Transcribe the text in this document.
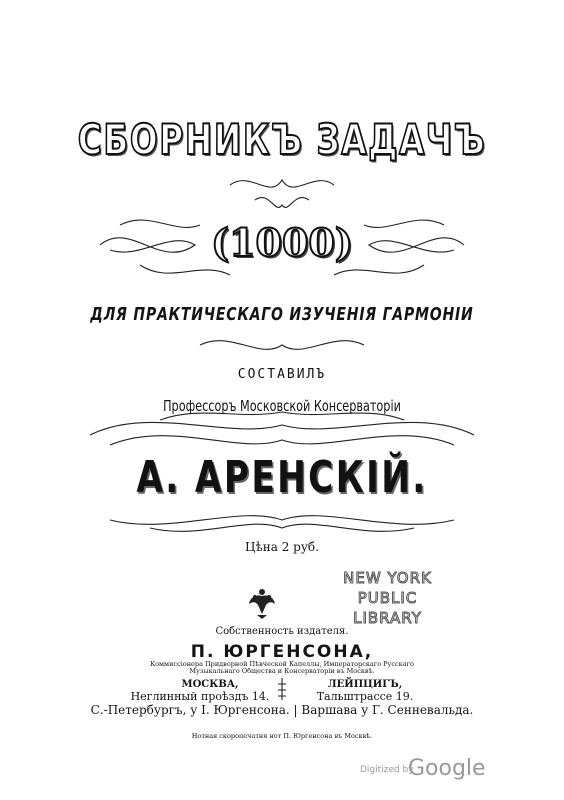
СБОРНИКЪ ЗАДАЧЪ
(1000)
ДЛЯ ПРАКТИЧЕСКАГО ИЗУЧЕНІЯ ГАРМОНІИ
СОСТАВИЛЪ
Профессоръ Московской Консерваторіи
А. АРЕНСКІЙ.
Цѣна 2 руб.
NEW YORK
PUBLIC
LIBRARY
Собственность издателя.
П. ЮРГЕНСОНА,
Коммиссіонера Придворной Пѣвческой Капеллы, Императорскаго Русскаго
Музыкальнаго Общества и Консерваторіи въ Москвѣ.
МОСКВА,	ЛЕЙПЦИГЪ,
Неглинный проѣздъ 14.	Тальштрассе 19.
С.-Петербургъ, у І. Юргенсона. | Варшава у Г. Сенневальда.
Нотная скоропечатня нот П. Юргенсона въ Москвѣ.
Digitized by
Google
